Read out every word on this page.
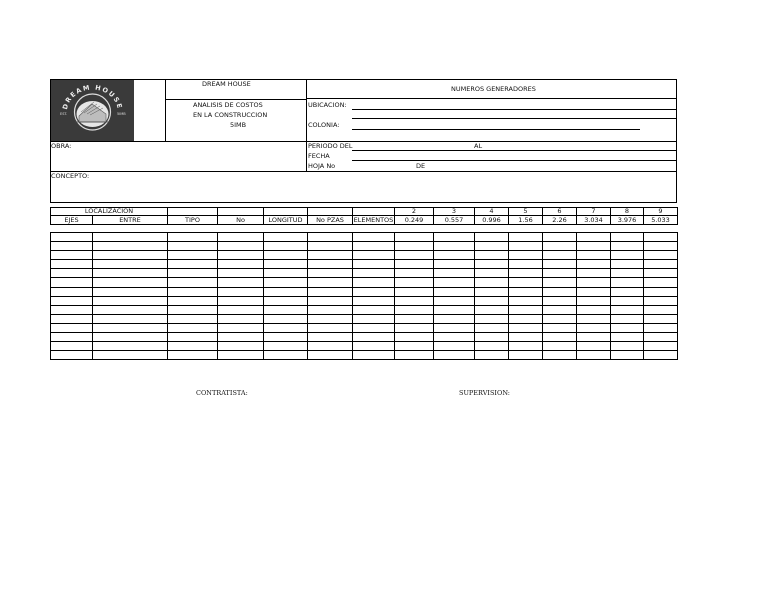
DREAM HOUSE
EST.	5IMB
DREAM HOUSE
NUMEROS GENERADORES
ANALISIS DE COSTOS
EN LA CONSTRUCCION
5IMB
UBICACION:
COLONIA:
OBRA:	PERIODO DEL	AL
FECHA
HOJA No	DE
CONCEPTO:
LOCALIZACION							2	3	4	5	6	7	8	9
EJES	ENTRE	TIPO	No	LONGITUD	No PZAS	ELEMENTOS	0.249	0.557	0.996	1.56	2.26	3.034	3.976	5.033

CONTRATISTA:	SUPERVISION:
